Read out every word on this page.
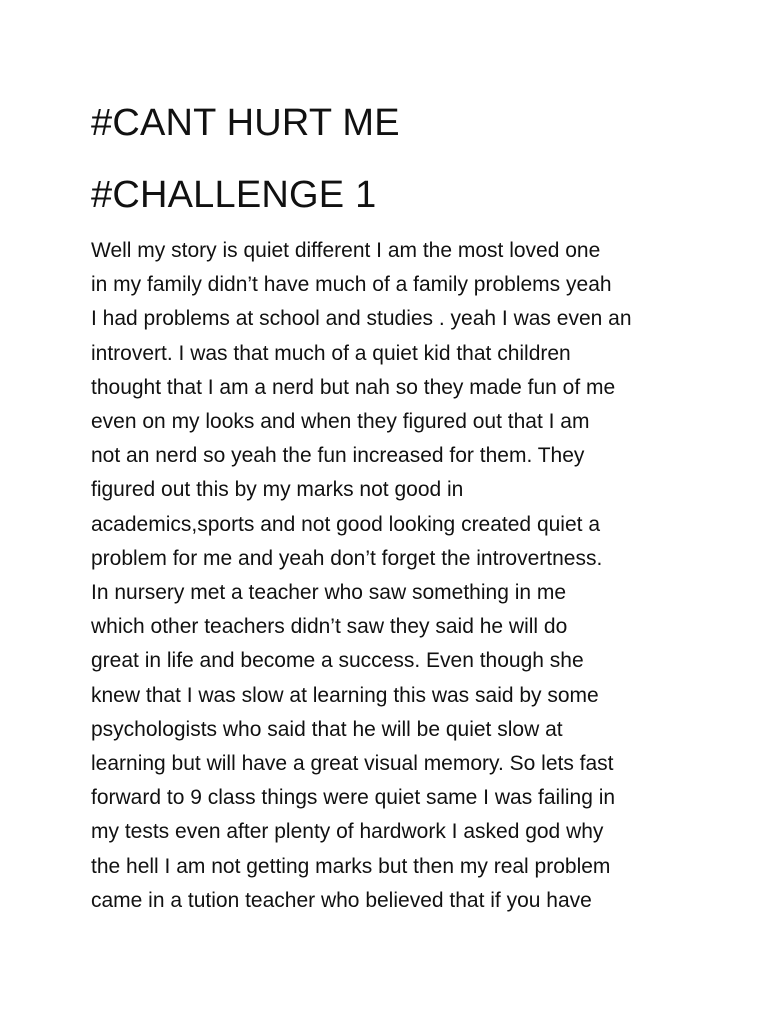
#CANT HURT ME
#CHALLENGE 1
Well my story is quiet different I am the most loved one
in my family didn’t have much of a family problems yeah
I had problems at school and studies . yeah I was even an
introvert. I was that much of a quiet kid that children
thought that I am a nerd but nah so they made fun of me
even on my looks and when they figured out that I am
not an nerd so yeah the fun increased for them. They
figured out this by my marks not good in
academics,sports and not good looking created quiet a
problem for me and yeah don’t forget the introvertness.
In nursery met a teacher who saw something in me
which other teachers didn’t saw they said he will do
great in life and become a success. Even though she
knew that I was slow at learning this was said by some
psychologists who said that he will be quiet slow at
learning but will have a great visual memory. So lets fast
forward to 9 class things were quiet same I was failing in
my tests even after plenty of hardwork I asked god why
the hell I am not getting marks but then my real problem
came in a tution teacher who believed that if you have
